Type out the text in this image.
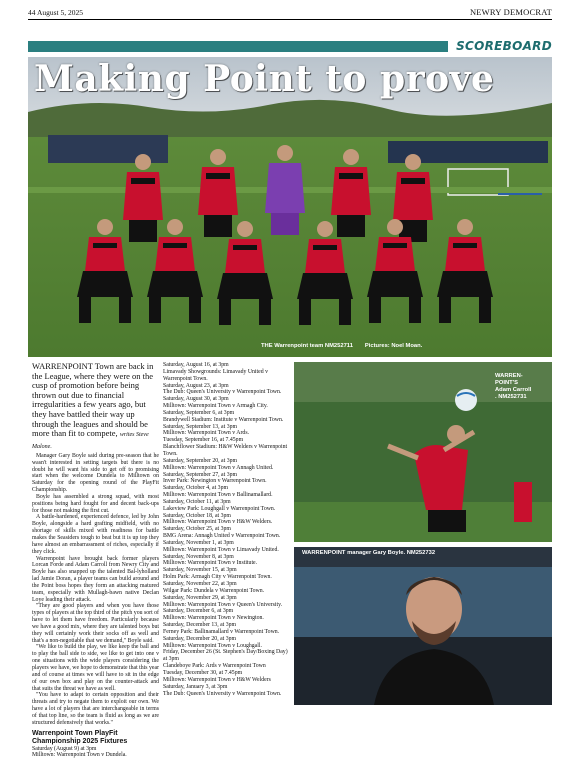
44 August 5, 2025	NEWRY DEMOCRAT
SCOREBOARD
Making Point to prove
THE Warrenpoint team NM252711 Pictures: Noel Moan.
WARRENPOINT Town are back in the League, where they were on the cusp of promotion before being thrown out due to financial irregularities a few years ago, but they have battled their way up through the leagues and should be more than fit to compete, writes Steve Malone.

Manager Gary Boyle said during pre-season that he wasn't interested in setting targets but there is no doubt he will want his side to get off to promising start when the welcome Dundela to Milltown on Saturday for the opening round of the PlayFit Championship.

Boyle has assembled a strong squad, with most positions being hard fought for and decent back-ups for those not making the first cut.

A battle-hardened, experienced defence, led by John Boyle, alongside a hard grafting midfield, with no shortage of skills mixed with readiness for battle makes the Seasiders tough to beat but it is up top they have almost an embarrassment of riches, especially if they click.

Warrenpoint have brought back former players Lorcan Forde and Adam Carroll from Newry City and Boyle has also snapped up the talented Bal-lyholland lad Jamie Doran, a player teams can build around and the Point boss hopes they form an attacking matured team, especially with Mullagh-bawn native Declan Loye leading their attack.

"They are good players and when you have those types of players at the top third of the pitch you sort of have to let them have freedom. Particularly because we have a good mix, where they are talented boys but they will certainly work their socks off as well and that's a non-negotiable that we demand," Boyle said.

"We like to build the play, we like keep the ball and to play the ball side to side, we like to get into one v one situations with the wide players considering the players we have, we hope to demonstrate that this year and of course at times we will have to sit in the edge of our own box and play on the counter-attack and that suits the threat we have as well.

"You have to adapt to certain opposition and their threats and try to negate them to exploit our own. We have a lot of players that are interchangeable in terms of that top line, so the team is fluid as long as we are structured defensively that works."

Warrenpoint Town PlayFit Championship 2025 Fixtures
Saturday (August 9) at 3pm
Milltown: Warrenpoint Town v Dundela.
Saturday, August 16, at 3pm
Limavady Showgrounds: Limavady United v Warrenpoint Town.
Saturday, August 23, at 3pm
The Dub: Queen's University v Warrenpoint Town.
Saturday, August 30, at 3pm
Milltown: Warrenpoint Town v Armagh City.
Saturday, September 6, at 3pm
Brandywell Stadium: Institute v Warrenpoint Town.
Saturday, September 13, at 3pm
Milltown: Warrenpoint Town v Ards.
Tuesday, September 16, at 7.45pm
Blanchflower Stadium: H&W Welders v Warrenpoint Town.
Saturday, September 20, at 3pm
Milltown: Warrenpoint Town v Annagh United.
Saturday, September 27, at 3pm
Inver Park: Newington v Warrenpoint Town.
Saturday, October 4, at 3pm
Milltown: Warrenpoint Town v Ballinamallard.
Saturday, October 11, at 3pm
Lakeview Park: Loughgall v Warrenpoint Town.
Saturday, October 18, at 3pm
Milltown: Warrenpoint Town v H&W Welders.
Saturday, October 25, at 3pm
BMG Arena: Annagh United v Warrenpoint Town.
Saturday, November 1, at 3pm
Milltown: Warrenpoint Town v Limavady United.
Saturday, November 8, at 3pm
Milltown: Warrenpoint Town v Institute.
Saturday, November 15, at 3pm
Holm Park: Armagh City v Warrenpoint Town.
Saturday, November 22, at 3pm
Wilgar Park: Dundela v Warrenpoint Town.
Saturday, November 29, at 3pm
Milltown: Warrenpoint Town v Queen's University.
Saturday, December 6, at 3pm
Milltown: Warrenpoint Town v Newington.
Saturday, December 13, at 3pm
Ferney Park: Ballinamallard v Warrenpoint Town.
Saturday, December 20, at 3pm
Milltown: Warrenpoint Town v Loughgall.
Friday, December 26 (St. Stephen's Day/Boxing Day) at 3pm
Clandeboye Park: Ards v Warrenpoint Town
Tuesday, December 30, at 7.45pm
Milltown: Warrenpoint Town v H&W Welders
Saturday, January 3, at 3pm
The Dub: Queen's University v Warrenpoint Town.
WARREN-
POINT'S
Adam Carroll
. NM252731
WARRENPOINT manager Gary Boyle. NM252732
